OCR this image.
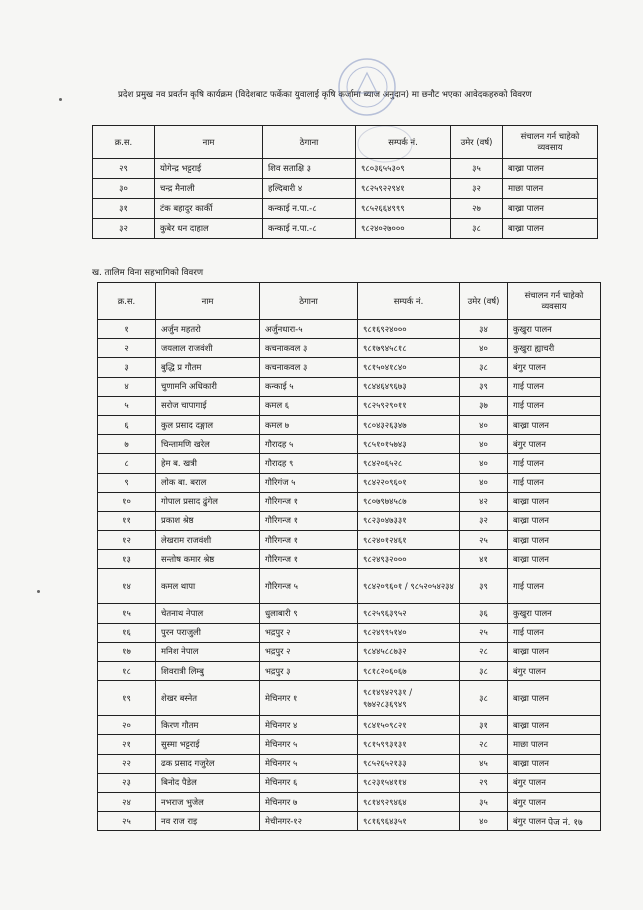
प्रदेश प्रमुख नव प्रवर्तन कृषि कार्यक्रम (विदेशबाट फर्केका युवालाई कृषि कर्जामा ब्याज अनुदान) मा छनौट भएका आवेदकहरुको विवरण
क्र.स.	नाम	ठेगाना	सम्पर्क नं.	उमेर (वर्ष)	संचालन गर्न चाहेको व्यवसाय
२९	योगेन्द्र भट्टराई	शिव सताक्षि ३	९८०३६५५३०९	३५	बाख्रा पालन
३०	चन्द्र मैनाली	हल्दिबारी ४	९८२५९२२९४१	३२	माछा पालन
३१	टंक बहादुर कार्की	कन्काई न.पा.-८	९८५२६६४९९९	२७	बाख्रा पालन
३२	कुबेर धन दाहाल	कन्काई न.पा.-८	९८२४०२७०००	३८	बाख्रा पालन
ख. तालिम विना सहभागिको विवरण
क्र.स.	नाम	ठेगाना	सम्पर्क नं.	उमेर (वर्ष)	संचालन गर्न चाहेको व्यवसाय
१	अर्जुन महतरो	अर्जुनधारा-५	९८१६९२४०००	३४	कुखुरा पालन
२	जयलाल राजवंशी	कचनाकवल ३	९८१७९४५८१८	४०	कुखुरा ह्याचरी
३	बुद्धि प्र गौतम	कचनाकवल ३	९८१५०४१८४०	३८	बंगुर पालन
४	चुणामनि अधिकारी	कन्काई ५	९८४४६४९६७३	३९	गाई पालन
५	सरोज चापागाई	कमल ६	९८२५९२९०११	३७	गाई पालन
६	कुल प्रसाद दङ्गाल	कमल ७	९८०४३२६३४७	४०	बाख्रा पालन
७	चिन्तामणि खरेल	गौरादह ५	९८५१०१५७४३	४०	बंगुर पालन
८	हेम ब. खत्री	गौरादह ९	९८४२०६५२८	४०	गाई पालन
९	लोक बा. बराल	गौरिगंज ५	९८४२२०९६०१	४०	गाई पालन
१०	गोपाल प्रसाद ढुंगेल	गौरिगन्ज १	९८०७९७४५८७	४२	बाख्रा पालन
११	प्रकाश श्रेष्ठ	गौरिगन्ज १	९८२३०४७३३१	३२	बाख्रा पालन
१२	लेखराम राजवंशी	गौरिगन्ज १	९८२४०१२४६१	२५	बाख्रा पालन
१३	सन्तोष कमार श्रेष्ठ	गौरिगन्ज १	९८२४९३२०००	४१	बाख्रा पालन
१४	कमल थापा	गौरिगन्ज ५	९८४२०९६०१ / ९८५२०५४२३४	३९	गाई पालन
१५	चेतनाथ नेपाल	धुलाबारी ९	९८२५९६३९५२	३६	कुखुरा पालन
१६	पुरन पराजुली	भद्रपुर २	९८२४९९५१४०	२५	गाई पालन
१७	मनिश नेपाल	भद्रपुर २	९८४४५८८७३२	२८	बाख्रा पालन
१८	शिवरात्री लिम्बु	भद्रपुर ३	९८१८२०६०६७	३८	बंगुर पालन
१९	शेखर बस्नेत	मेचिनगर १	९८१४९४२९३१ / ९७४२८३६९४९	३८	बाख्रा पालन
२०	किरण गौतम	मेचिनगर ४	९८४१५०९८२१	३१	बाख्रा पालन
२१	सुस्मा भट्टराई	मेचिनगर ५	९८१५९९३१३१	२८	माछा पालन
२२	ढक प्रसाद गजुरेल	मेचिनगर ५	९८५२६५२१३३	४५	बाख्रा पालन
२३	बिनोद पैडेल	मेचिनगर ६	९८२३१५४११४	२९	बंगुर पालन
२४	नभराज भुजेल	मेचिनगर ७	९८१४९२९४६४	३५	बंगुर पालन
२५	नव राज राइ	मेचीनगर-१२	९८१६९६४३५१	४०	बंगुर पालन पेज नं. १७
